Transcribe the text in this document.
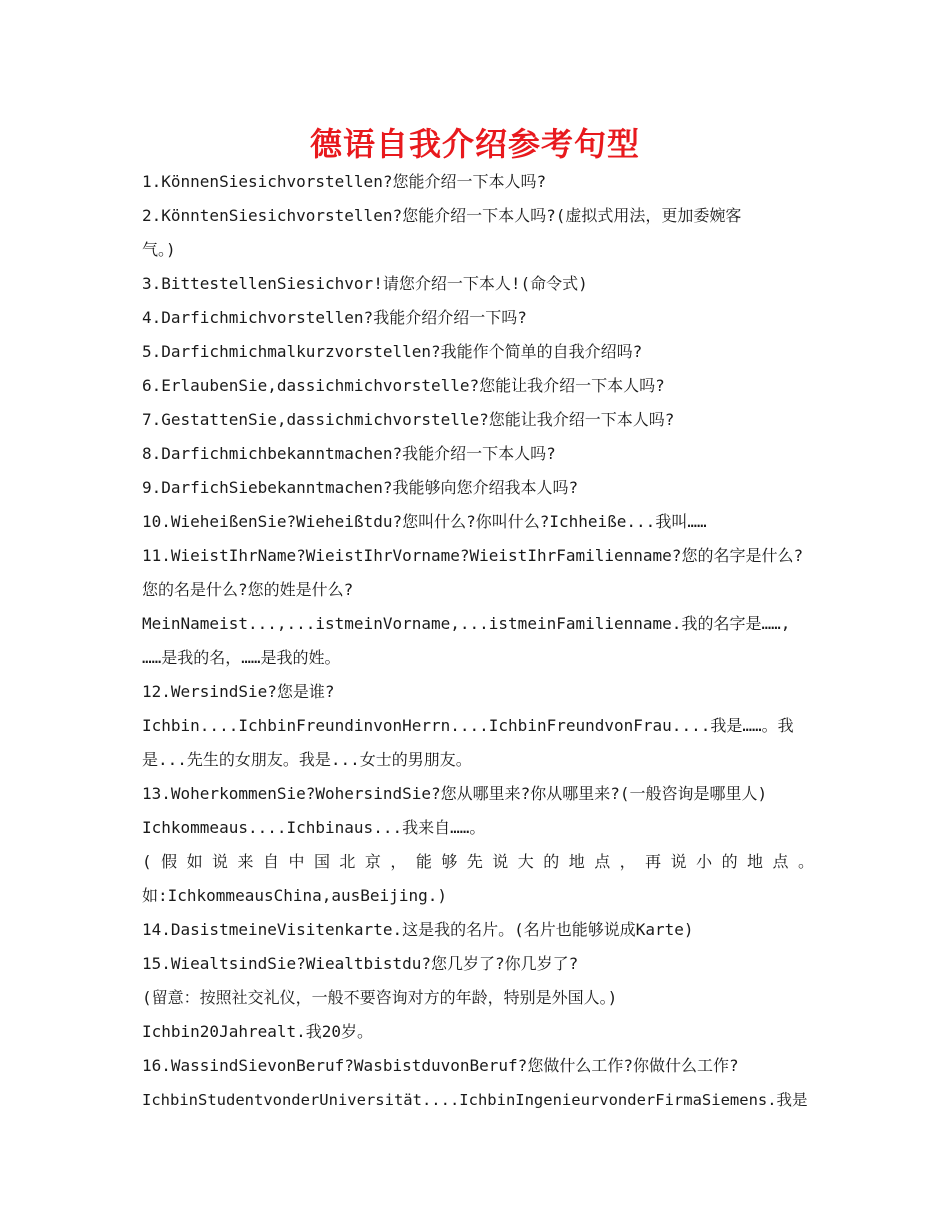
德语自我介绍参考句型
1.KönnenSiesichvorstellen?您能介绍一下本人吗?
2.KönntenSiesichvorstellen?您能介绍一下本人吗?(虚拟式用法，更加委婉客
气。)
3.BittestellenSiesichvor!请您介绍一下本人!(命令式)
4.Darfichmichvorstellen?我能介绍介绍一下吗?
5.Darfichmichmalkurzvorstellen?我能作个简单的自我介绍吗?
6.ErlaubenSie,dassichmichvorstelle?您能让我介绍一下本人吗?
7.GestattenSie,dassichmichvorstelle?您能让我介绍一下本人吗?
8.Darfichmichbekanntmachen?我能介绍一下本人吗?
9.DarfichSiebekanntmachen?我能够向您介绍我本人吗?
10.WieheißenSie?Wieheißtdu?您叫什么?你叫什么?Ichheiße...我叫……
11.WieistIhrName?WieistIhrVorname?WieistIhrFamilienname?您的名字是什么?
您的名是什么?您的姓是什么?
MeinNameist...,...istmeinVorname,...istmeinFamilienname.我的名字是……,
……是我的名，……是我的姓。
12.WersindSie?您是谁?
Ichbin....IchbinFreundinvonHerrn....IchbinFreundvonFrau....我是……。我
是...先生的女朋友。我是...女士的男朋友。
13.WoherkommenSie?WohersindSie?您从哪里来?你从哪里来?(一般咨询是哪里人)
Ichkommeaus....Ichbinaus...我来自……。
(假如说来自中国北京，能够先说大的地点，再说小的地点。
如:IchkommeausChina,ausBeijing.)
14.DasistmeineVisitenkarte.这是我的名片。(名片也能够说成Karte)
15.WiealtsindSie?Wiealtbistdu?您几岁了?你几岁了?
(留意：按照社交礼仪，一般不要咨询对方的年龄，特别是外国人。)
Ichbin20Jahrealt.我20岁。
16.WassindSievonBeruf?WasbistduvonBeruf?您做什么工作?你做什么工作?
IchbinStudentvonderUniversität....IchbinIngenieurvonderFirmaSiemens.我是
